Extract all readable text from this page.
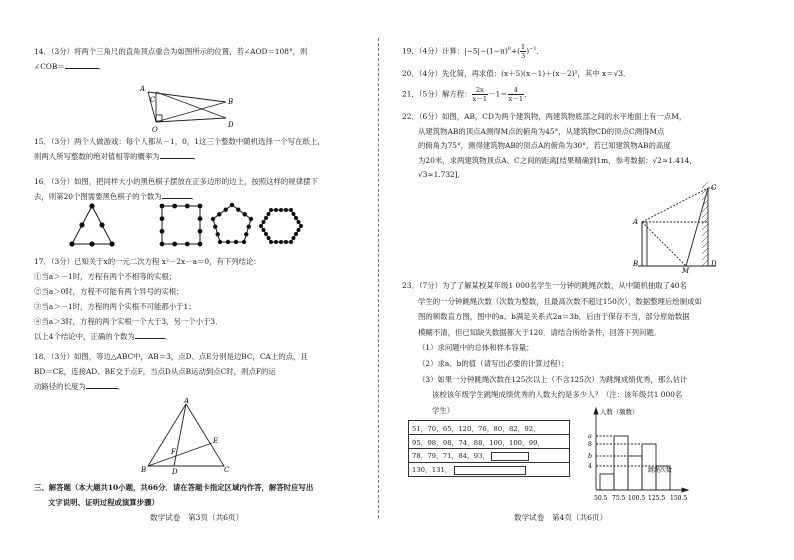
14．（3分）将两个三角尺的直角顶点重合为如图所示的位置，若∠AOD＝108°，则
∠COB＝	．
A
C	B
D
O
15．（3分）两个人做游戏：每个人都从－1，0，1这三个整数中随机选择一个写在纸上，
则两人所写整数的绝对值相等的概率为	．
16．（3分）如图，把同样大小的黑色棋子摆放在正多边形的边上，按照这样的规律摆下
去，则第20个图需要黑色棋子的个数为	．
17．（3分）已知关于x的一元二次方程 x²－2x－a＝0，有下列结论：
①当a＞－1时，方程有两个不相等的实根；
②当a＞0时，方程不可能有两个异号的实根；
③当a＞－1时，方程的两个实根不可能都小于1；
④当a＞3时，方程的两个实根一个大于3，另一个小于3．
以上4个结论中，正确的个数为	．
18．（3分）如图，等边△ABC中，AB＝3，点D、点E分别是边BC，CA上的点，且
BD＝CE，连接AD、BE交于点F，当点D从点B运动到点C时，则点F的运
动路径的长度为	．
A
B	C
D
E
F
三、解答题（本大题共10小题，共66分．请在答题卡指定区域内作答，解答时应写出
文字说明、证明过程或演算步骤）
数学试卷　第3页（共6页）
19．（4分）计算：$|-5|-(1-\pi)^0+( \frac{1}{3} )^{-1}$．
20．（4分）先化简，再求值：(x＋5)(x－1)＋(x－2)²，其中 x＝√3．
21．（5分）解方程： $\frac{2x}{x-1} -1= \frac{4}{x-1}$ ．
22．（6分）如图，AB，CD为两个建筑物，两建筑物底部之间的水平地面上有一点M，
从建筑物AB的顶点A测得M点的俯角为45°，从建筑物CD的顶点C测得M点
的俯角为75°，测得建筑物AB的顶点A的俯角为30°，若已知建筑物AB的高度
为20米，求两建筑物顶点A、C之间的距离[结果精确到1m，参考数据：√2≈1.414，
√3≈1.732]．
A
B
C
D
M
23．（7分）为了了解某校某年级1 000名学生一分钟的跳绳次数，从中随机抽取了40名
学生的一分钟跳绳次数（次数为整数，且最高次数不超过150次），数据整理后绘制成如
图的频数直方图，图中的a、b满足关系式2a＝3b．后由于保存不当，部分原始数据
模糊不清，但已知缺失数据都大于120．请结合所给条件，回答下列问题．
（1）求问题中的总体和样本容量；
（2）求a、b的值（请写出必要的计算过程）；
（3）如果一分钟跳绳次数在125次以上（不含125次）为跳绳成绩优秀，那么估计
该校该年级学生跳绳成绩优秀的人数大约是多少人？（注：该年级共1 000名
学生）
51，70，65，120，76，80，82，92，
95，98，98，74，88，100，100，99，
78，79，71，84，93，
130，131，
人数（频数）
a
b
8
4
跳绳次数
50.5 75.5 100.5 125.5 150.5
数学试卷　第4页（共6页）
